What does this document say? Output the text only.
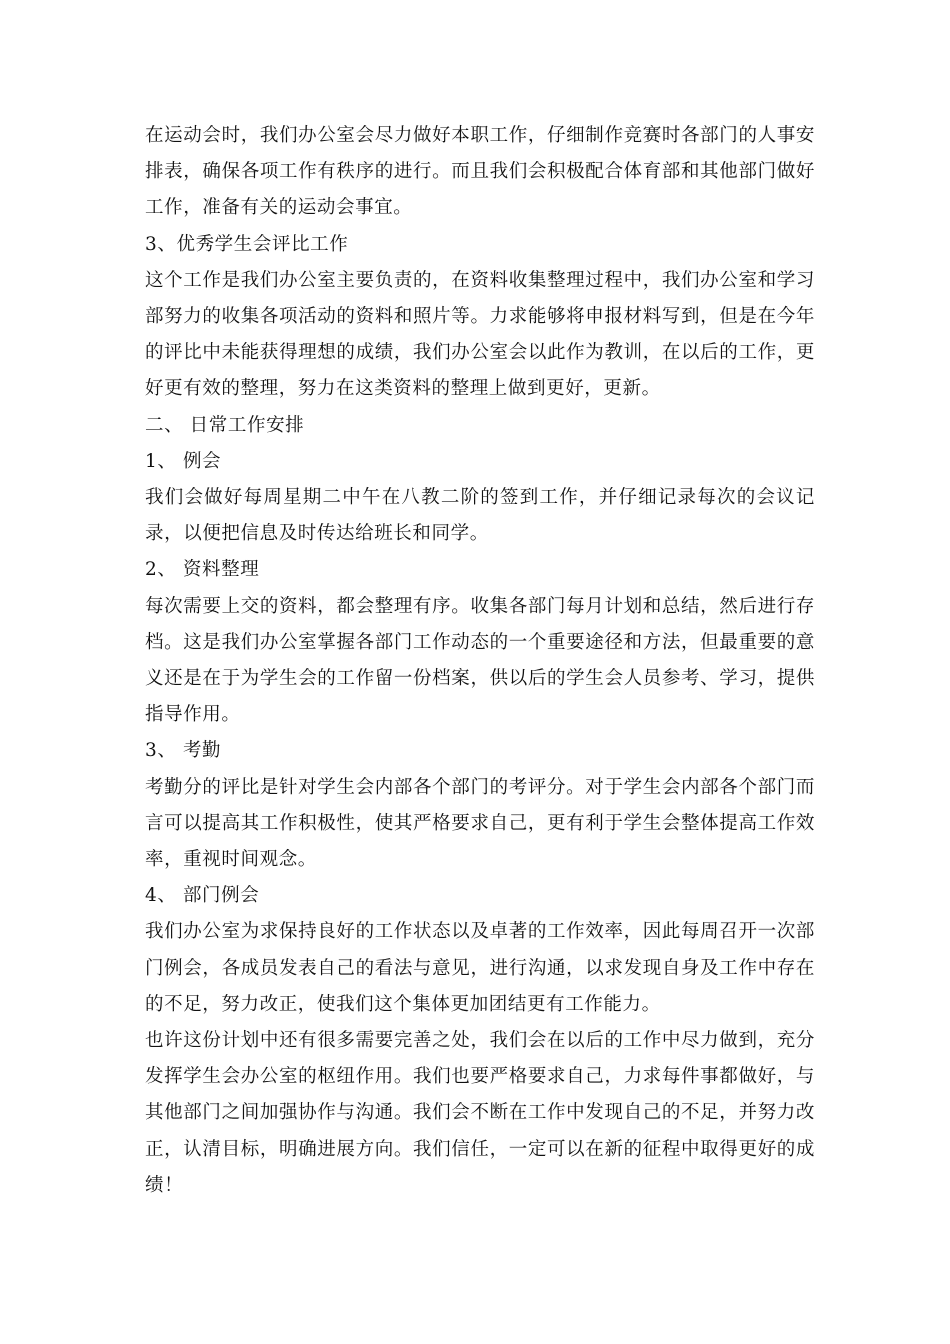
在运动会时，我们办公室会尽力做好本职工作，仔细制作竞赛时各部门的人事安排表，确保各项工作有秩序的进行。而且我们会积极配合体育部和其他部门做好工作，准备有关的运动会事宜。

3、优秀学生会评比工作

这个工作是我们办公室主要负责的，在资料收集整理过程中，我们办公室和学习部努力的收集各项活动的资料和照片等。力求能够将申报材料写到，但是在今年的评比中未能获得理想的成绩，我们办公室会以此作为教训，在以后的工作，更好更有效的整理，努力在这类资料的整理上做到更好，更新。

二、 日常工作安排

1、 例会

我们会做好每周星期二中午在八教二阶的签到工作，并仔细记录每次的会议记录，以便把信息及时传达给班长和同学。

2、 资料整理

每次需要上交的资料，都会整理有序。收集各部门每月计划和总结，然后进行存档。这是我们办公室掌握各部门工作动态的一个重要途径和方法，但最重要的意义还是在于为学生会的工作留一份档案，供以后的学生会人员参考、学习，提供指导作用。

3、 考勤

考勤分的评比是针对学生会内部各个部门的考评分。对于学生会内部各个部门而言可以提高其工作积极性，使其严格要求自己，更有利于学生会整体提高工作效率，重视时间观念。

4、 部门例会

我们办公室为求保持良好的工作状态以及卓著的工作效率，因此每周召开一次部门例会，各成员发表自己的看法与意见，进行沟通，以求发现自身及工作中存在的不足，努力改正，使我们这个集体更加团结更有工作能力。

也许这份计划中还有很多需要完善之处，我们会在以后的工作中尽力做到，充分发挥学生会办公室的枢纽作用。我们也要严格要求自己，力求每件事都做好，与其他部门之间加强协作与沟通。我们会不断在工作中发现自己的不足，并努力改正，认清目标，明确进展方向。我们信任，一定可以在新的征程中取得更好的成绩！
